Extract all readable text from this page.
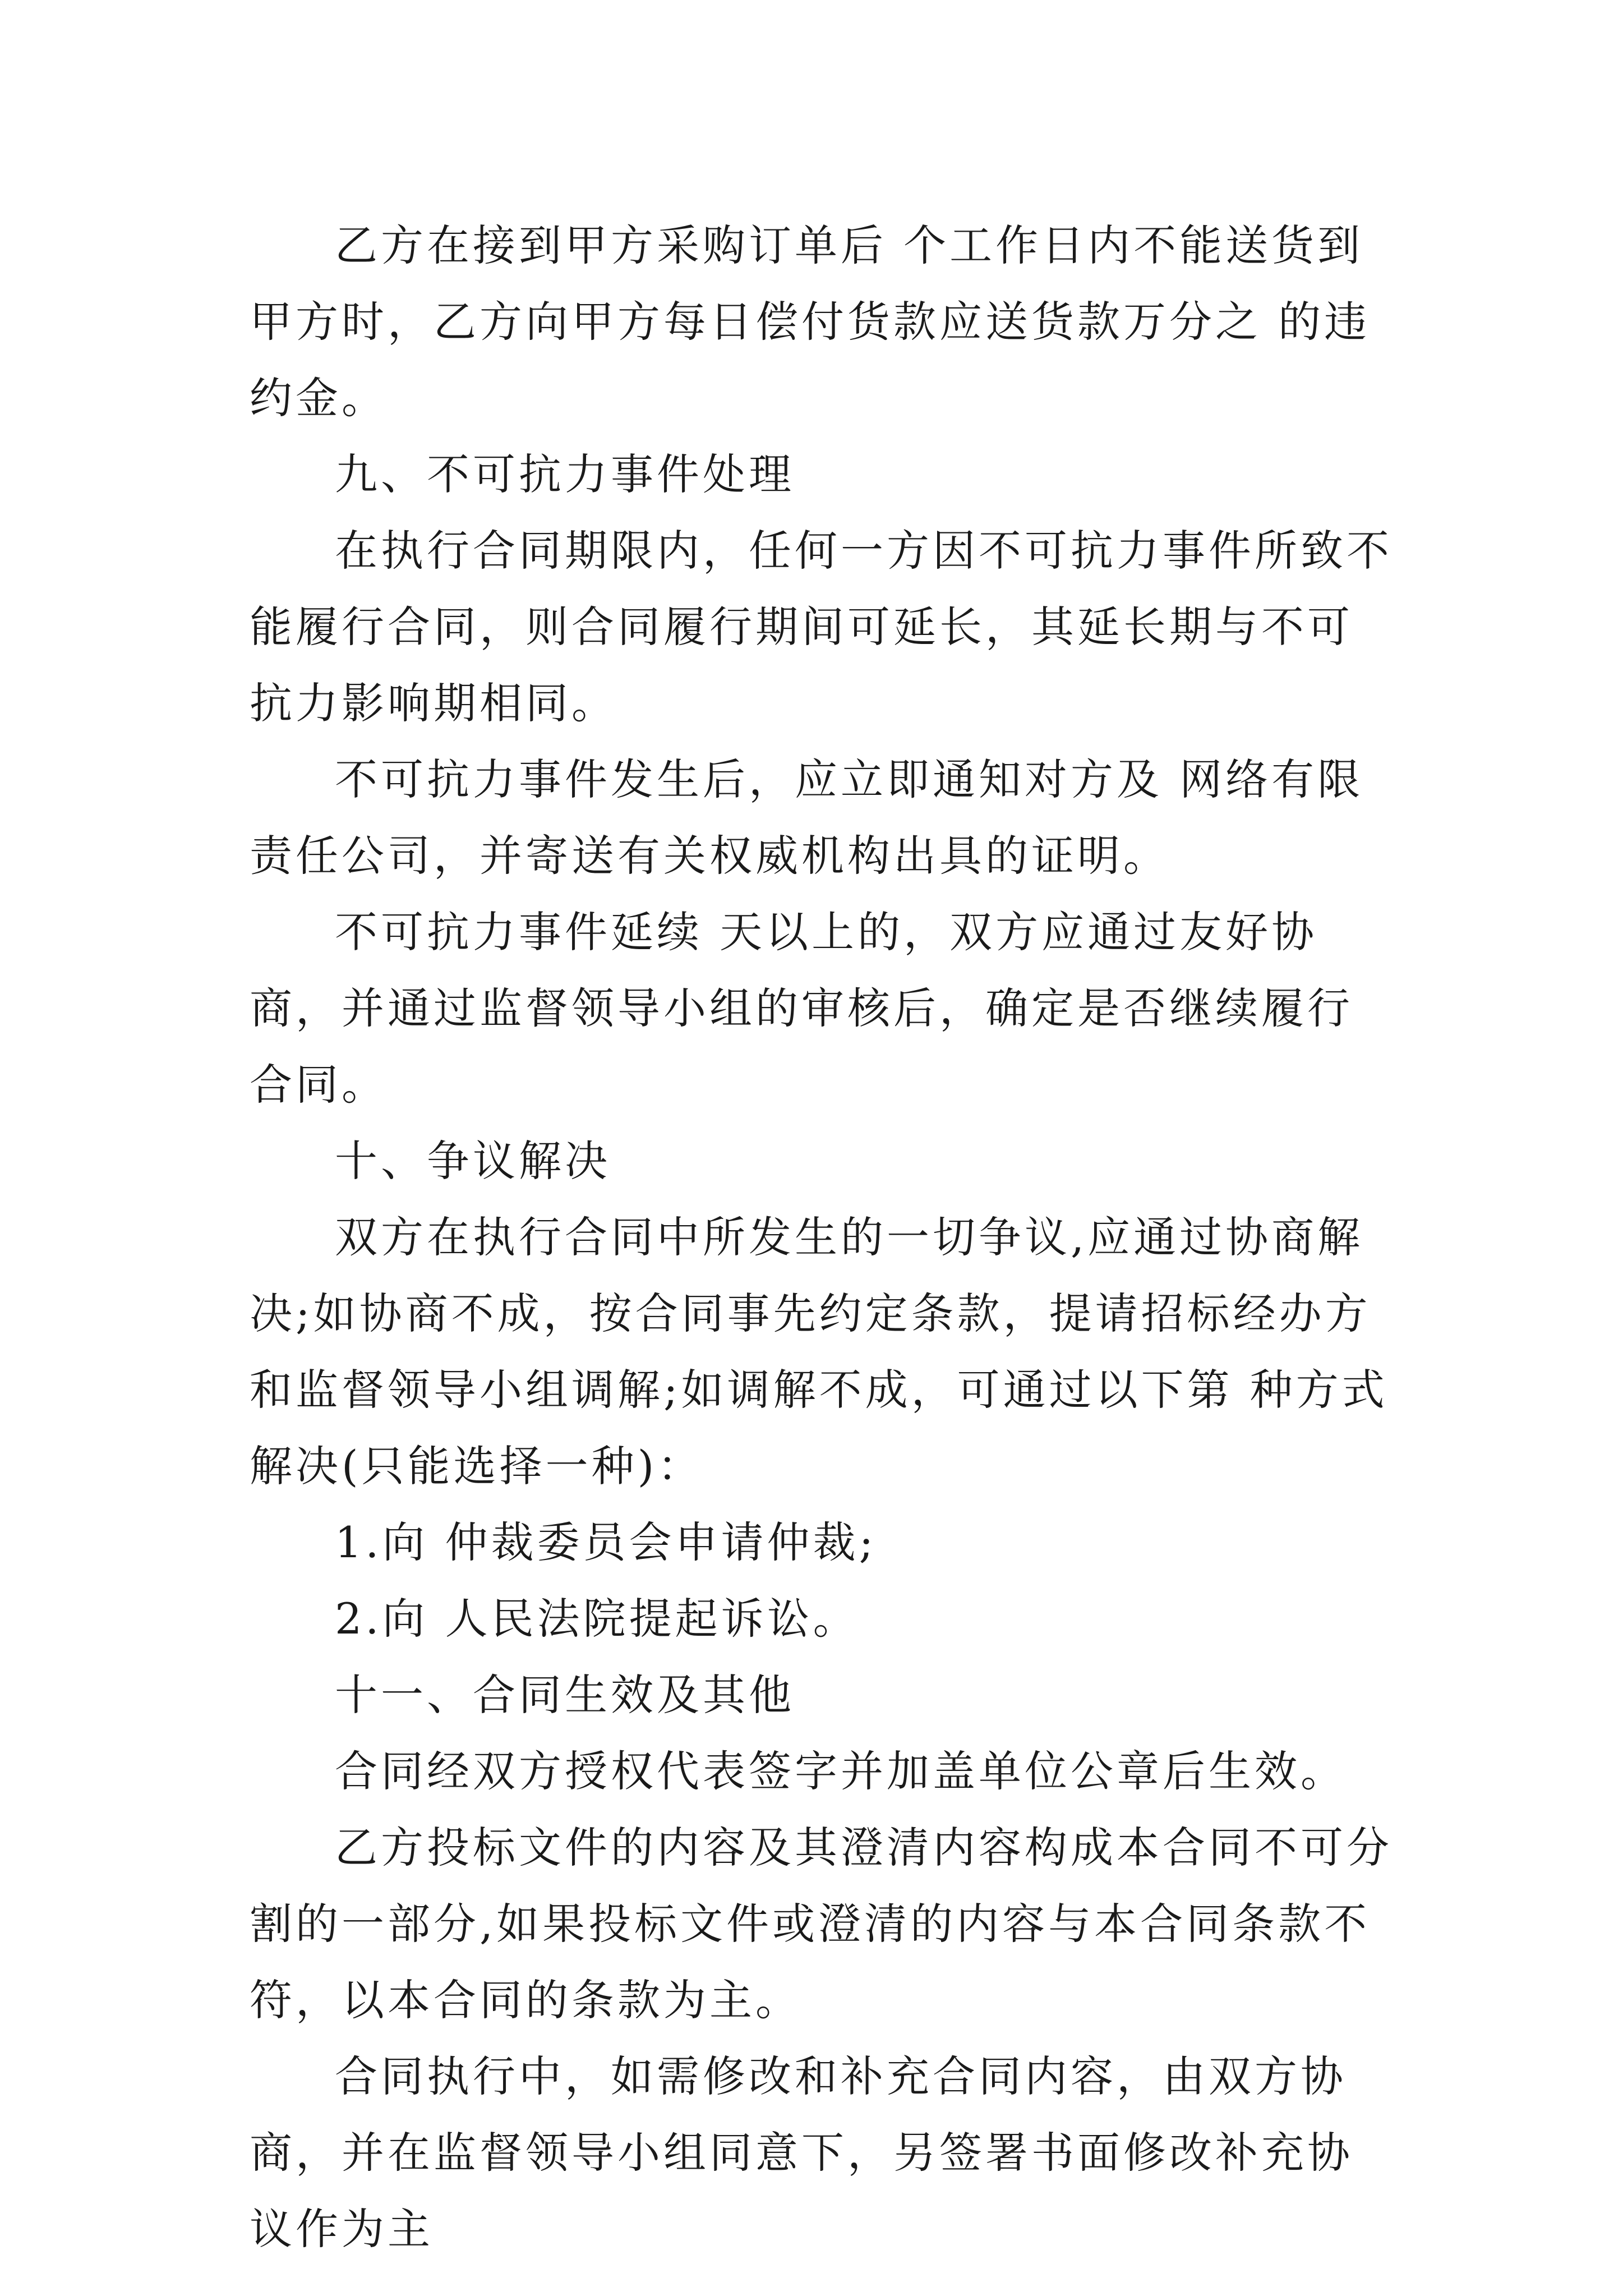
乙方在接到甲方采购订单后 个工作日内不能送货到甲方时，乙方向甲方每日偿付货款应送货款万分之 的违约金。

九、不可抗力事件处理

在执行合同期限内，任何一方因不可抗力事件所致不能履行合同，则合同履行期间可延长，其延长期与不可抗力影响期相同。

不可抗力事件发生后，应立即通知对方及 网络有限责任公司，并寄送有关权威机构出具的证明。

不可抗力事件延续 天以上的，双方应通过友好协商，并通过监督领导小组的审核后，确定是否继续履行合同。

十、争议解决

双方在执行合同中所发生的一切争议,应通过协商解决;如协商不成，按合同事先约定条款，提请招标经办方和监督领导小组调解;如调解不成，可通过以下第 种方式解决(只能选择一种)：

1.向 仲裁委员会申请仲裁;

2.向 人民法院提起诉讼。

十一、合同生效及其他

合同经双方授权代表签字并加盖单位公章后生效。

乙方投标文件的内容及其澄清内容构成本合同不可分割的一部分,如果投标文件或澄清的内容与本合同条款不符，以本合同的条款为主。

合同执行中，如需修改和补充合同内容，由双方协商，并在监督领导小组同意下，另签署书面修改补充协议作为主
